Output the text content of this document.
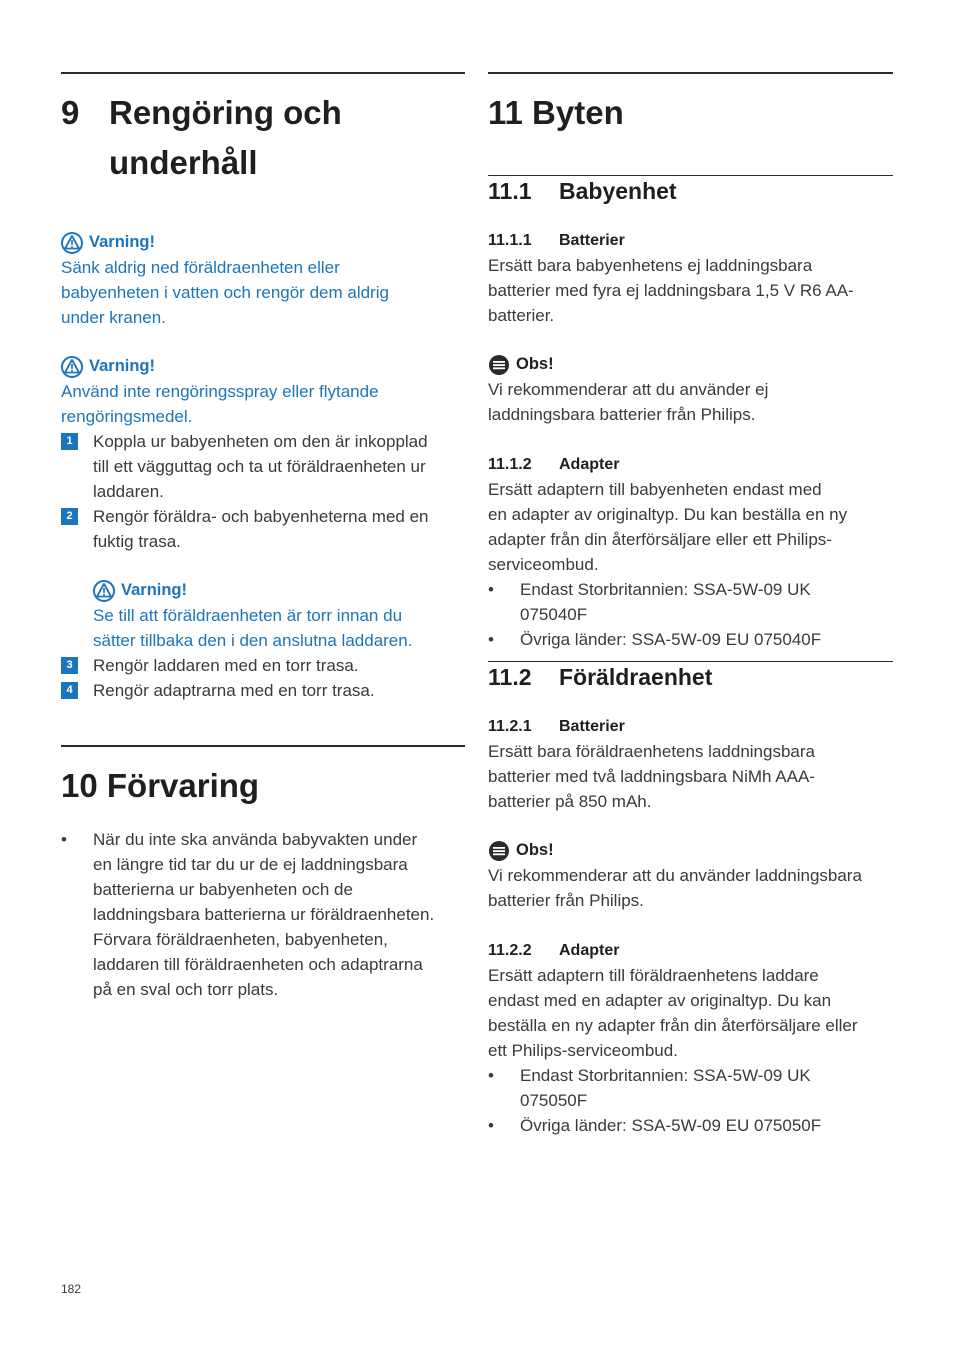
9 Rengöring och
underhåll
Varning!

Sänk aldrig ned föräldraenheten eller
babyenheten i vatten och rengör dem aldrig
under kranen.

Varning!

Använd inte rengöringsspray eller flytande
rengöringsmedel.

1	Koppla ur babyenheten om den är inkopplad
till ett vägguttag och ta ut föräldraenheten ur
laddaren.
2	Rengör föräldra- och babyenheterna med en
fuktig trasa.
Varning!

Se till att föräldraenheten är torr innan du
sätter tillbaka den i den anslutna laddaren.

3	Rengör laddaren med en torr trasa.
4	Rengör adaptrarna med en torr trasa.
10 Förvaring
•	När du inte ska använda babyvakten under
en längre tid tar du ur de ej laddningsbara
batterierna ur babyenheten och de
laddningsbara batterierna ur föräldraenheten.
Förvara föräldraenheten, babyenheten,
laddaren till föräldraenheten och adaptrarna
på en sval och torr plats.
11 Byten
11.1	Babyenhet
11.1.1	Batterier

Ersätt bara babyenhetens ej laddningsbara
batterier med fyra ej laddningsbara 1,5 V R6 AA-
batterier.

Obs!

Vi rekommenderar att du använder ej
laddningsbara batterier från Philips.

11.1.2	Adapter

Ersätt adaptern till babyenheten endast med
en adapter av originaltyp. Du kan beställa en ny
adapter från din återförsäljare eller ett Philips-
serviceombud.

•	Endast Storbritannien: SSA-5W-09 UK
075040F
•	Övriga länder: SSA-5W-09 EU 075040F
11.2	Föräldraenhet
11.2.1	Batterier

Ersätt bara föräldraenhetens laddningsbara
batterier med två laddningsbara NiMh AAA-
batterier på 850 mAh.

Obs!

Vi rekommenderar att du använder laddningsbara
batterier från Philips.

11.2.2	Adapter

Ersätt adaptern till föräldraenhetens laddare
endast med en adapter av originaltyp. Du kan
beställa en ny adapter från din återförsäljare eller
ett Philips-serviceombud.

•	Endast Storbritannien: SSA-5W-09 UK
075050F
•	Övriga länder: SSA-5W-09 EU 075050F
182
